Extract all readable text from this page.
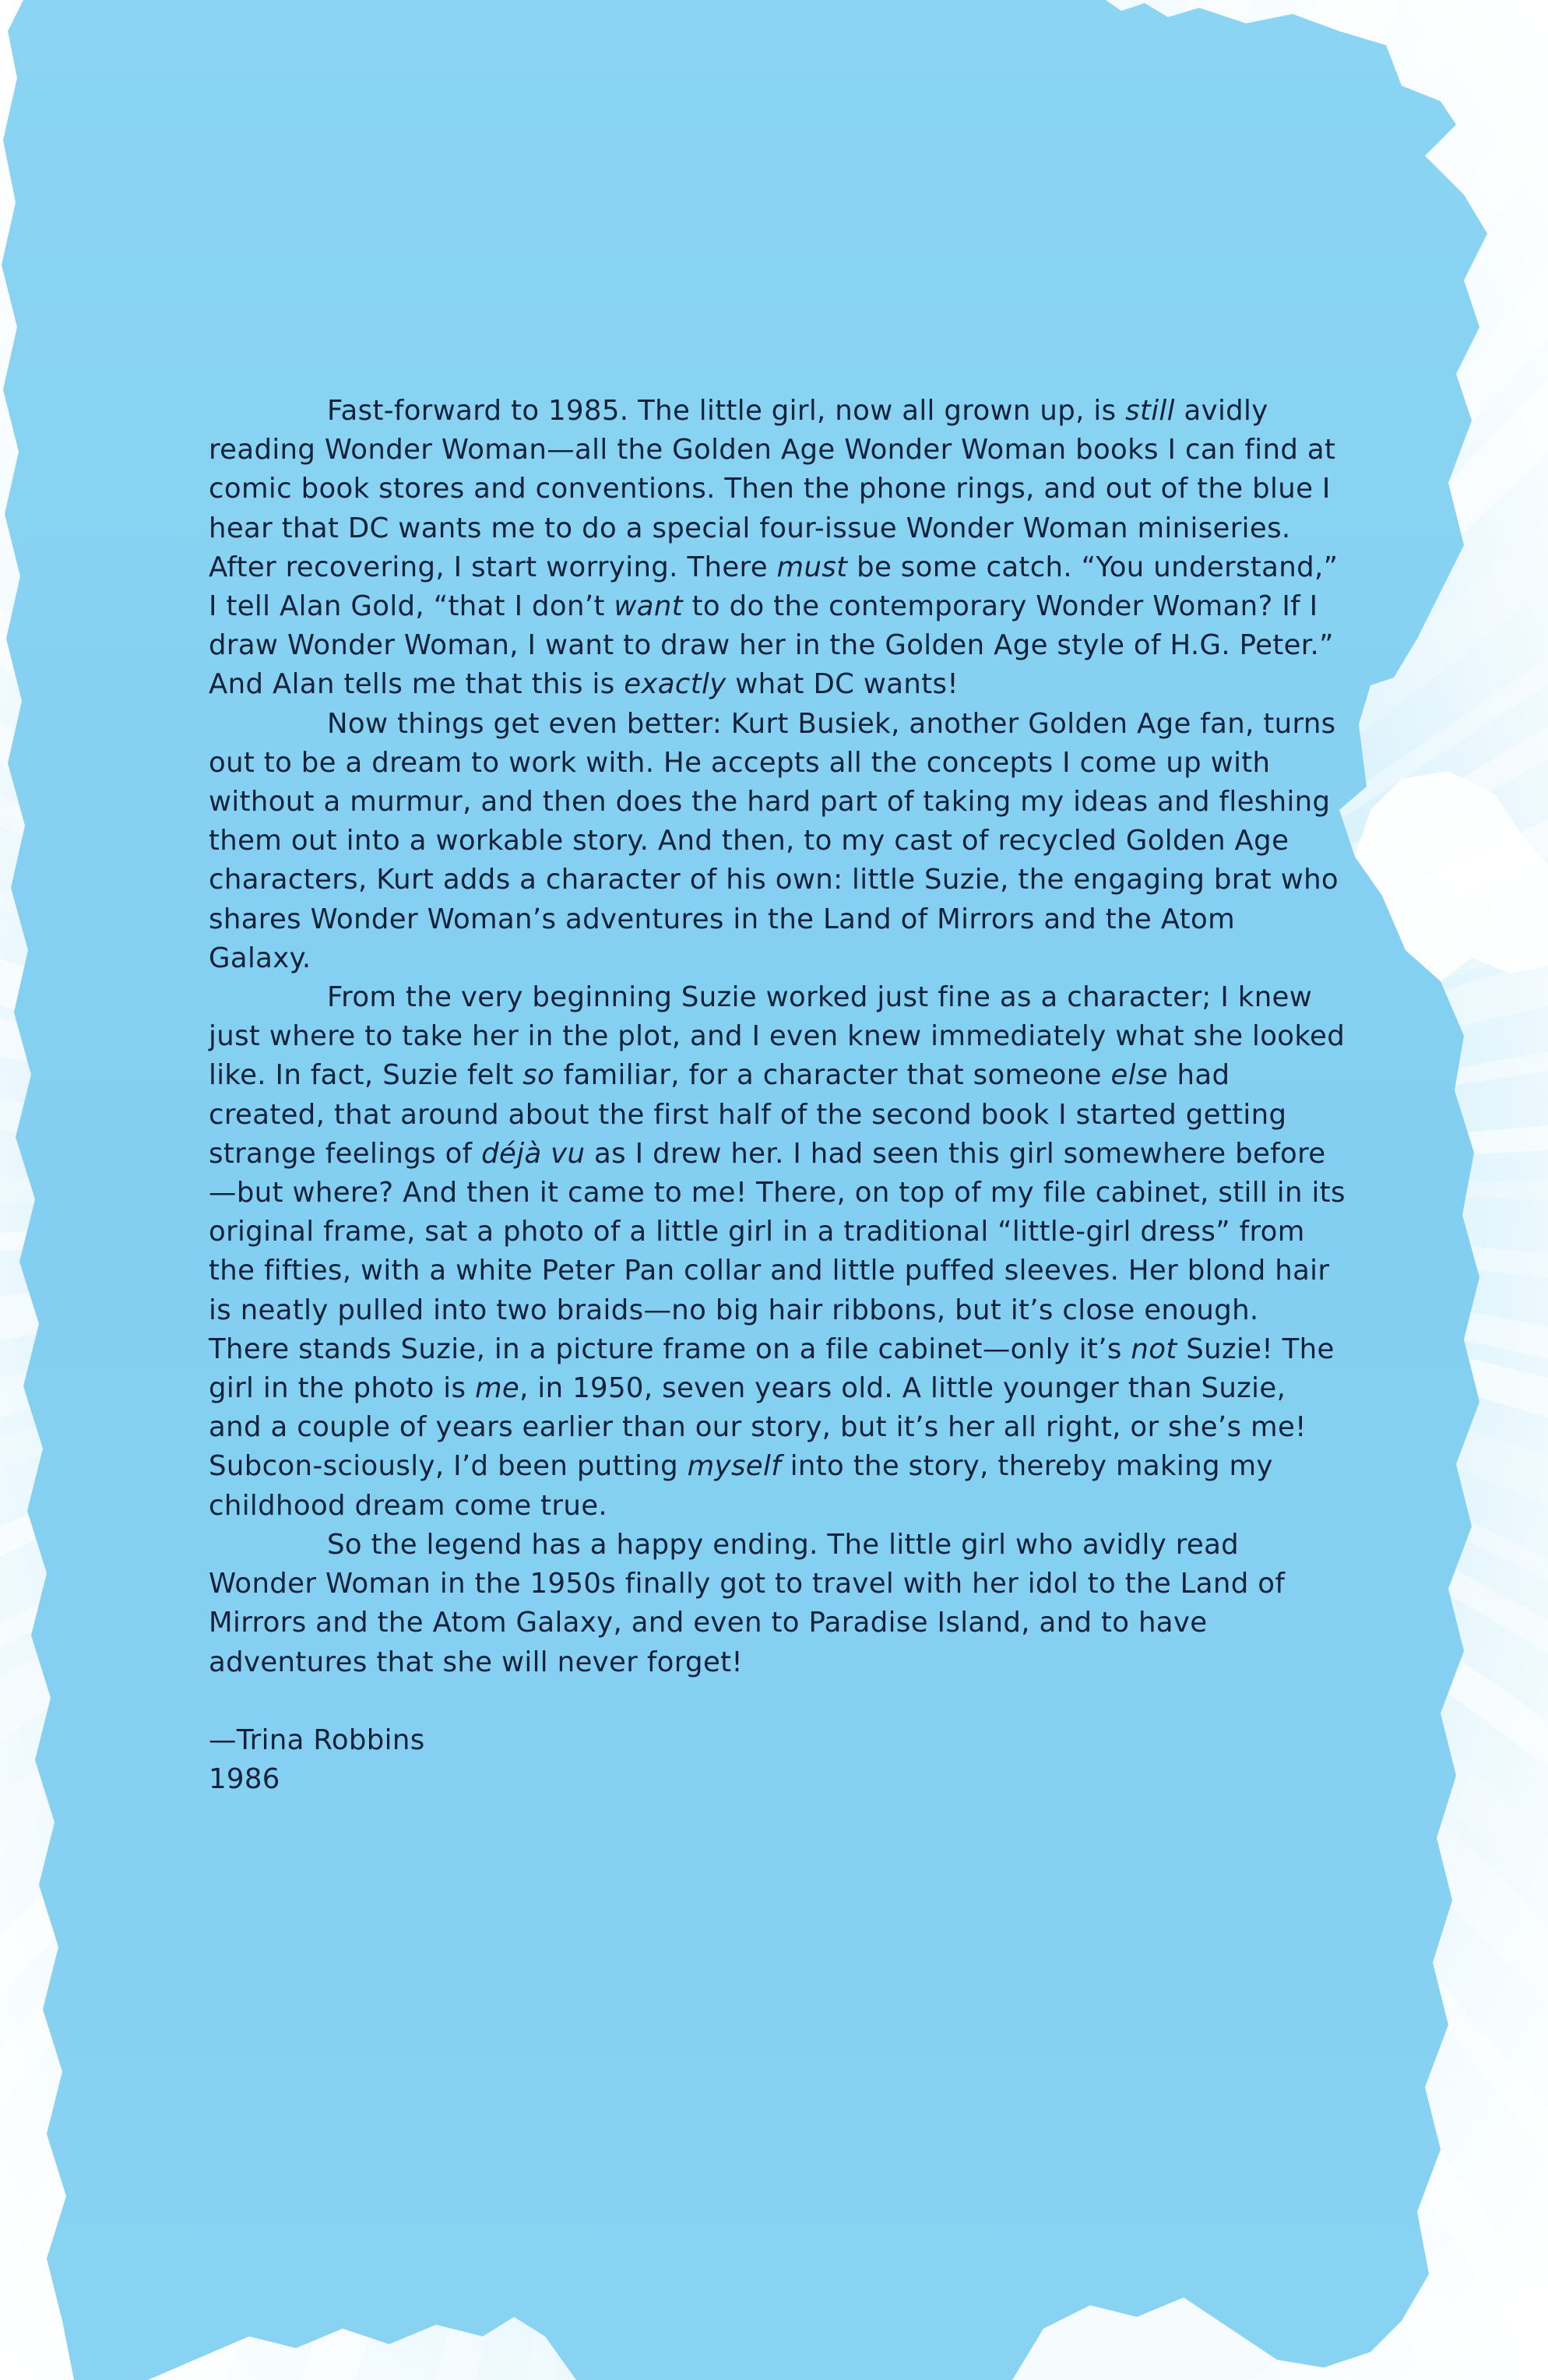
Fast-forward to 1985. The little girl, now all grown up, is still avidly reading Wonder Woman—all the Golden Age Wonder Woman books I can find at comic book stores and conventions. Then the phone rings, and out of the blue I hear that DC wants me to do a special four-issue Wonder Woman miniseries. After recovering, I start worrying. There must be some catch. “You understand,” I tell Alan Gold, “that I don’t want to do the contemporary Wonder Woman? If I draw Wonder Woman, I want to draw her in the Golden Age style of H.G. Peter.” And Alan tells me that this is exactly what DC wants!

Now things get even better: Kurt Busiek, another Golden Age fan, turns out to be a dream to work with. He accepts all the concepts I come up with without a murmur, and then does the hard part of taking my ideas and fleshing them out into a workable story. And then, to my cast of recycled Golden Age characters, Kurt adds a character of his own: little Suzie, the engaging brat who shares Wonder Woman’s adventures in the Land of Mirrors and the Atom Galaxy.

From the very beginning Suzie worked just fine as a character; I knew just where to take her in the plot, and I even knew immediately what she looked like. In fact, Suzie felt so familiar, for a character that someone else had created, that around about the first half of the second book I started getting strange feelings of déjà vu as I drew her. I had seen this girl somewhere before—but where? And then it came to me! There, on top of my file cabinet, still in its original frame, sat a photo of a little girl in a traditional “little-girl dress” from the fifties, with a white Peter Pan collar and little puffed sleeves. Her blond hair is neatly pulled into two braids—no big hair ribbons, but it’s close enough. There stands Suzie, in a picture frame on a file cabinet—only it’s not Suzie! The girl in the photo is me, in 1950, seven years old. A little younger than Suzie, and a couple of years earlier than our story, but it’s her all right, or she’s me! Subcon-sciously, I’d been putting myself into the story, thereby making my childhood dream come true.

So the legend has a happy ending. The little girl who avidly read Wonder Woman in the 1950s finally got to travel with her idol to the Land of Mirrors and the Atom Galaxy, and even to Paradise Island, and to have adventures that she will never forget!

—Trina Robbins
1986
